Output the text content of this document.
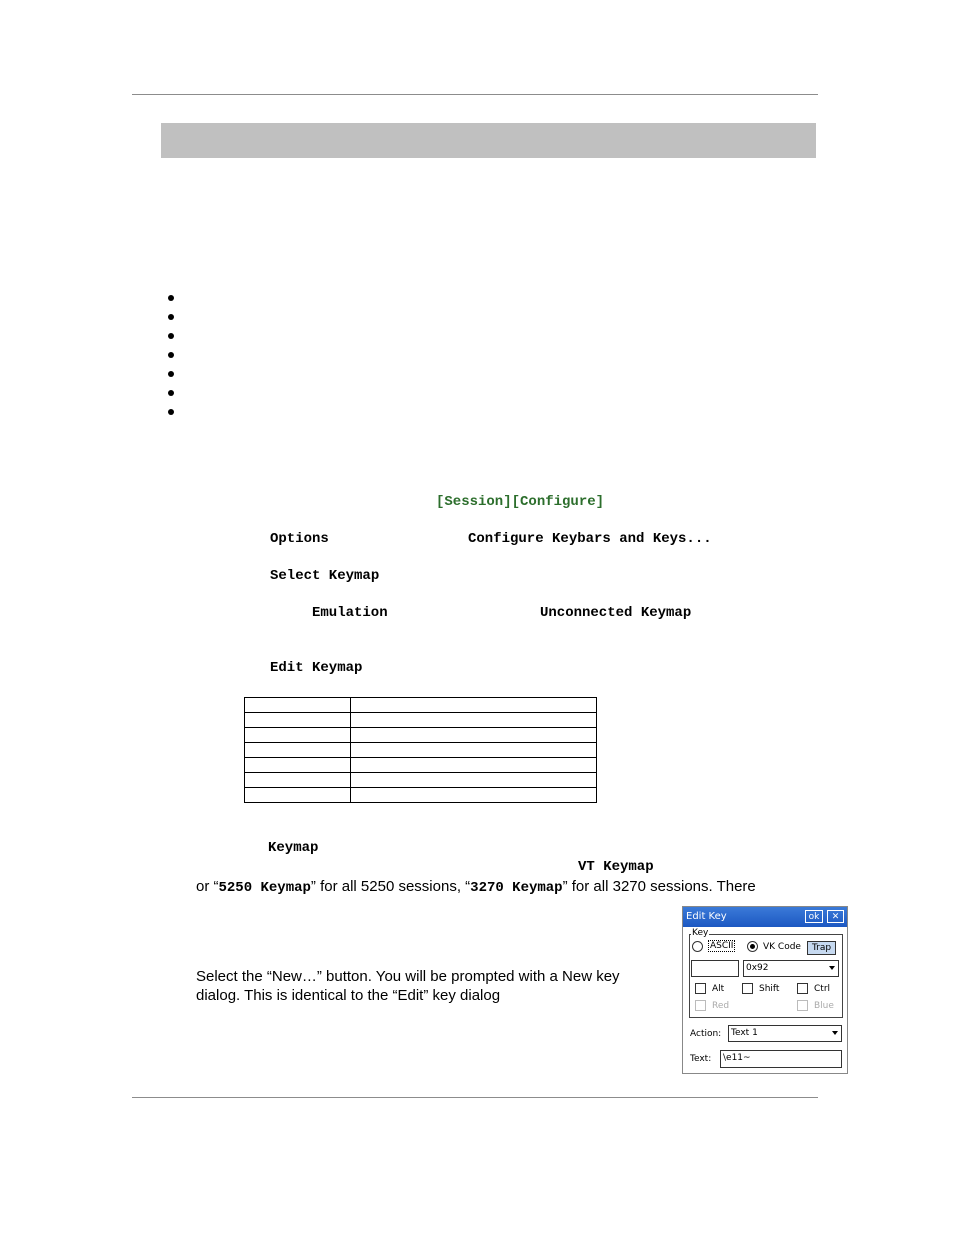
[Session][Configure]
Options	Configure Keybars and Keys...
Select Keymap
Emulation	Unconnected Keymap
Edit Keymap

Keymap
VT Keymap
or “5250 Keymap” for all 5250 sessions, “3270 Keymap” for all 3270 sessions. There
Select the “New…” button. You will be prompted with a New key
dialog. This is identical to the “Edit” key dialog
Edit Key	ok	✕
Key
ASCII	VK Code	Trap
0x92
Alt	Shift	Ctrl
Red	Blue
Action:	Text 1
Text:	\e11~
